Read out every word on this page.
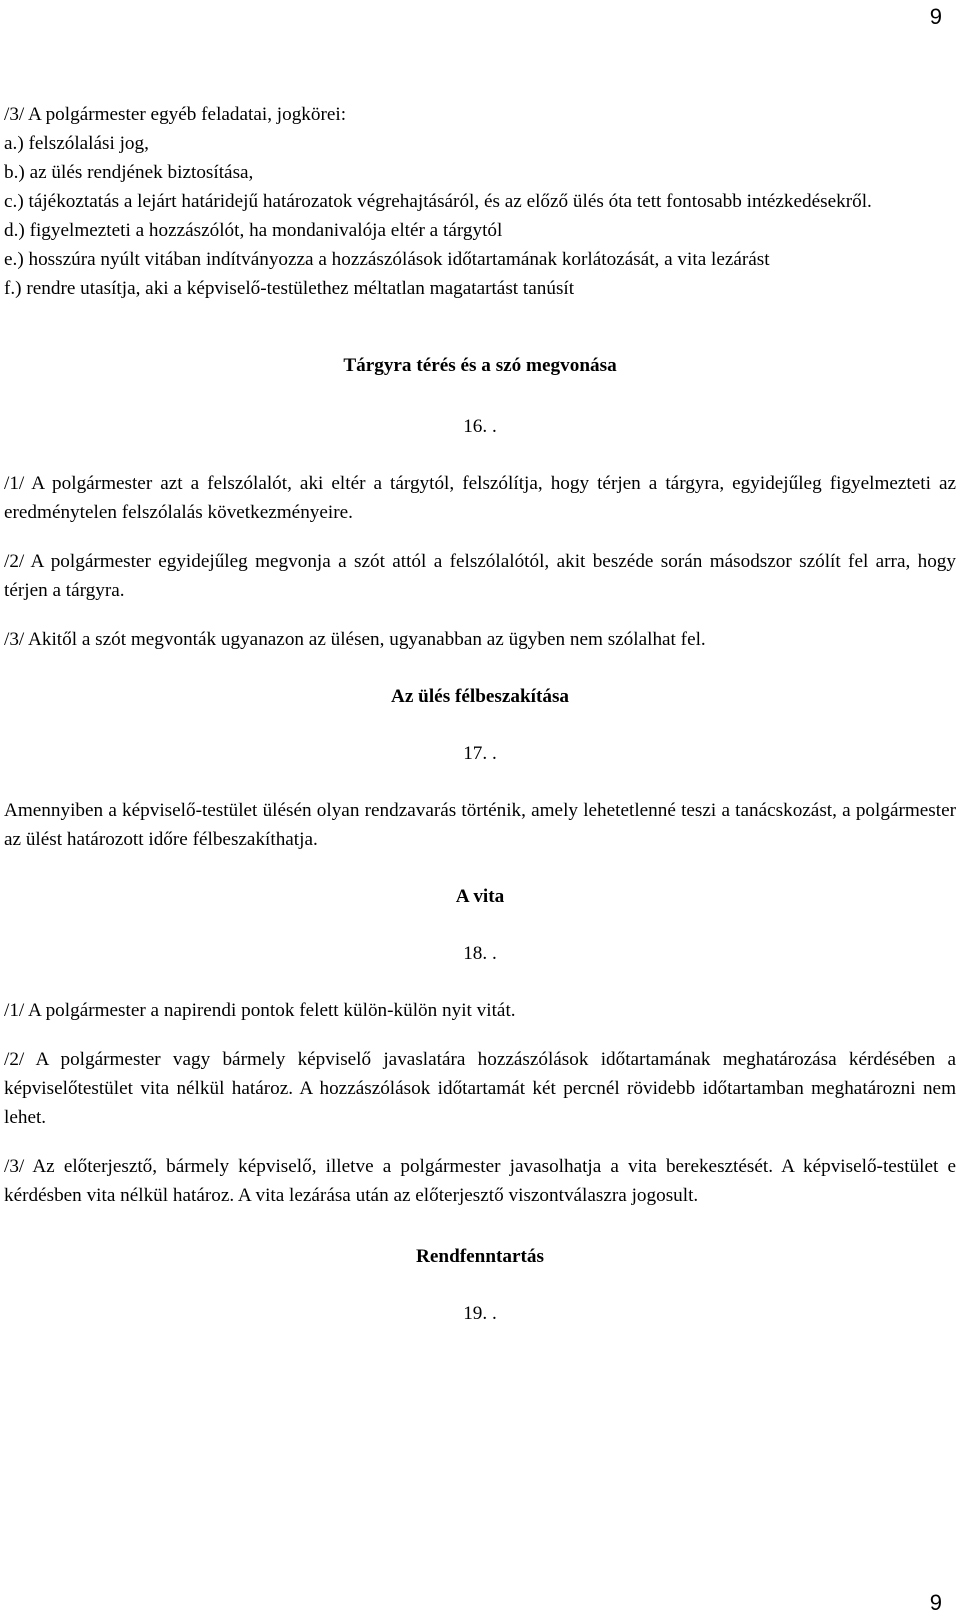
9

/3/ A polgármester egyéb feladatai, jogkörei:

a.) felszólalási jog,

b.) az ülés rendjének biztosítása,

c.) tájékoztatás a lejárt határidejű határozatok végrehajtásáról, és az előző ülés óta tett fontosabb intézkedésekről.

d.) figyelmezteti a hozzászólót, ha mondanivalója eltér a tárgytól

e.) hosszúra nyúlt vitában indítványozza a hozzászólások időtartamának korlátozását, a vita lezárást

f.) rendre utasítja, aki a képviselő-testülethez méltatlan magatartást tanúsít

Tárgyra térés és a szó megvonása

16. .

/1/ A polgármester azt a felszólalót, aki eltér a tárgytól, felszólítja, hogy térjen a tárgyra, egyidejűleg figyelmezteti az eredménytelen felszólalás következményeire.

/2/ A polgármester egyidejűleg megvonja a szót attól a felszólalótól, akit beszéde során másodszor szólít fel arra, hogy térjen a tárgyra.

/3/ Akitől a szót megvonták ugyanazon az ülésen, ugyanabban az ügyben nem szólalhat fel.

Az ülés félbeszakítása

17. .

Amennyiben a képviselő-testület ülésén olyan rendzavarás történik, amely lehetetlenné teszi a tanácskozást, a polgármester az ülést határozott időre félbeszakíthatja.

A vita

18. .

/1/ A polgármester a napirendi pontok felett külön-külön nyit vitát.

/2/ A polgármester vagy bármely képviselő javaslatára hozzászólások időtartamának meghatározása kérdésében a képviselőtestület vita nélkül határoz. A hozzászólások időtartamát két percnél rövidebb időtartamban meghatározni nem lehet.

/3/ Az előterjesztő, bármely képviselő, illetve a polgármester javasolhatja a vita berekesztését. A képviselő-testület e kérdésben vita nélkül határoz. A vita lezárása után az előterjesztő viszontválaszra jogosult.

Rendfenntartás

19. .

9
